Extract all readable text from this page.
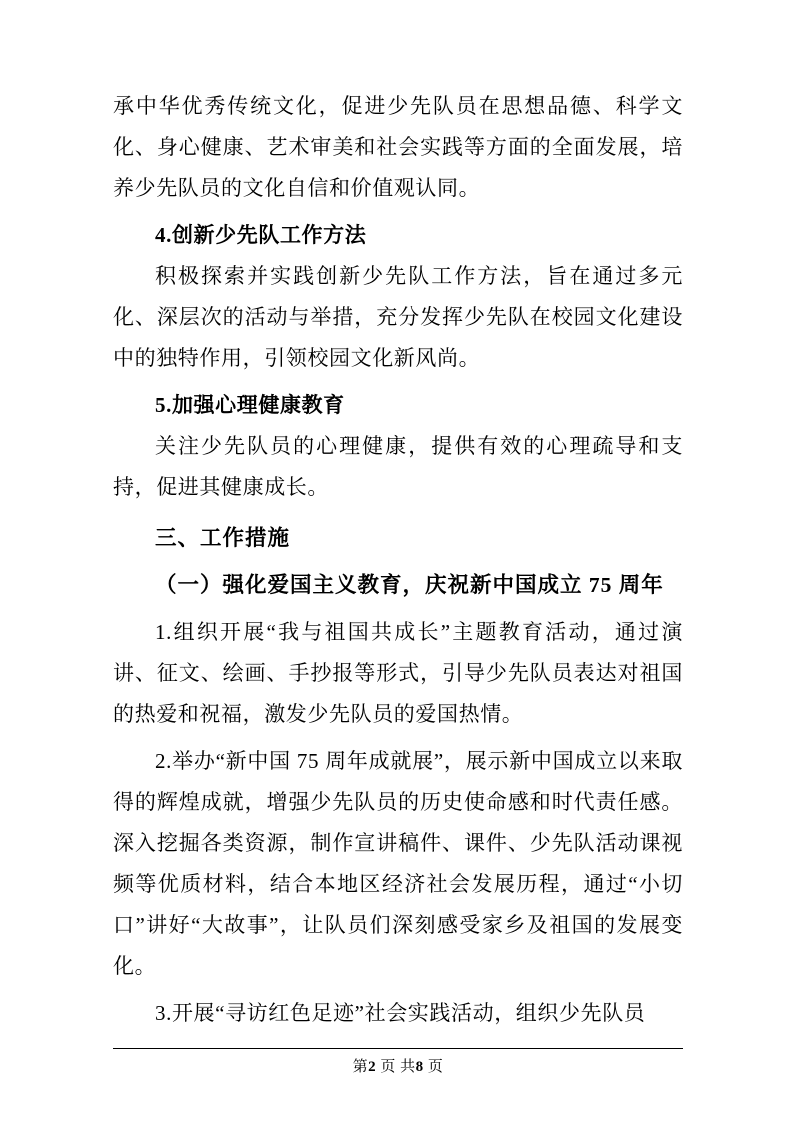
承中华优秀传统文化，促进少先队员在思想品德、科学文化、身心健康、艺术审美和社会实践等方面的全面发展，培养少先队员的文化自信和价值观认同。

4.创新少先队工作方法

积极探索并实践创新少先队工作方法，旨在通过多元化、深层次的活动与举措，充分发挥少先队在校园文化建设中的独特作用，引领校园文化新风尚。

5.加强心理健康教育

关注少先队员的心理健康，提供有效的心理疏导和支持，促进其健康成长。

三、工作措施

（一）强化爱国主义教育，庆祝新中国成立 75 周年

1.组织开展“我与祖国共成长”主题教育活动，通过演讲、征文、绘画、手抄报等形式，引导少先队员表达对祖国的热爱和祝福，激发少先队员的爱国热情。

2.举办“新中国 75 周年成就展”，展示新中国成立以来取得的辉煌成就，增强少先队员的历史使命感和时代责任感。深入挖掘各类资源，制作宣讲稿件、课件、少先队活动课视频等优质材料，结合本地区经济社会发展历程，通过“小切口”讲好“大故事”，让队员们深刻感受家乡及祖国的发展变化。

3.开展“寻访红色足迹”社会实践活动，组织少先队员

第2 页 共8 页
